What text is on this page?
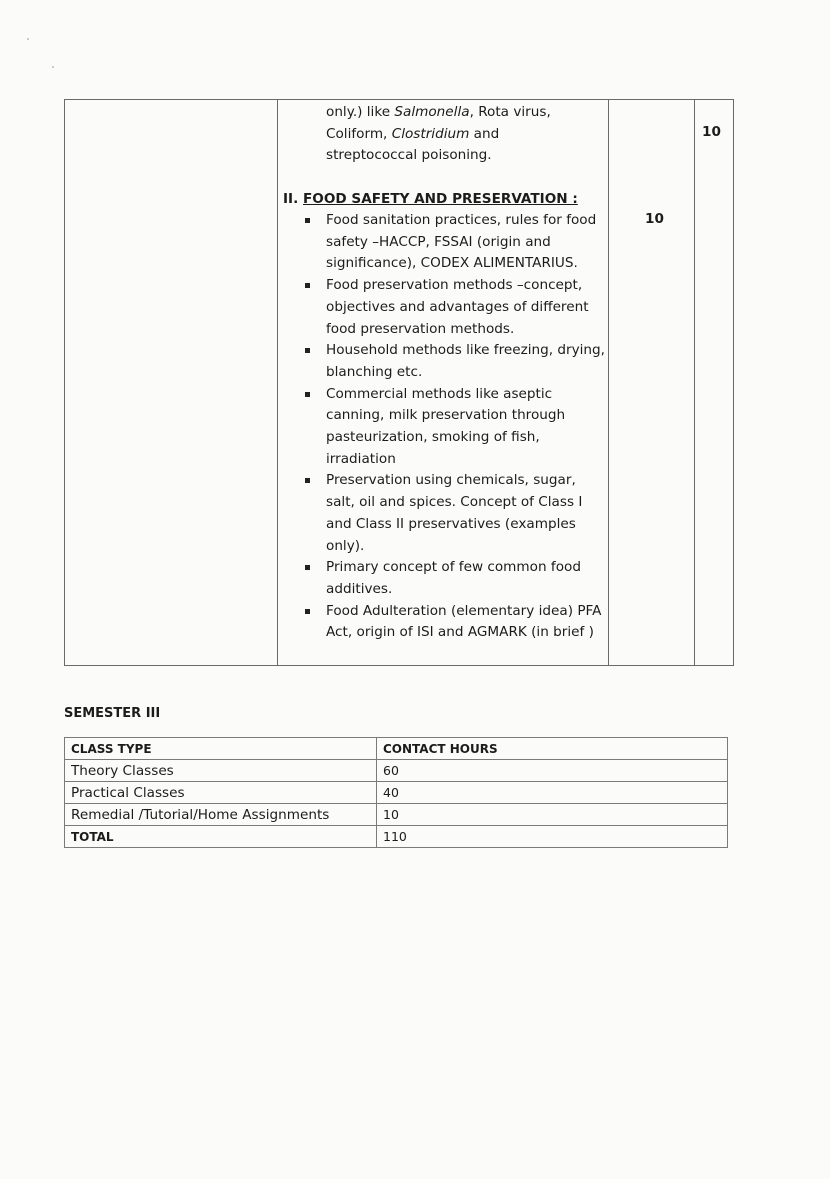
only.) like Salmonella, Rota virus,
Coliform, Clostridium and
streptococcal poisoning.
II. FOOD SAFETY AND PRESERVATION :
Food sanitation practices, rules for food safety –HACCP, FSSAI (origin and significance), CODEX ALIMENTARIUS.
Food preservation methods –concept, objectives and advantages of different food preservation methods.
Household methods like freezing, drying, blanching etc.
Commercial methods like aseptic canning, milk preservation through pasteurization, smoking of fish, irradiation
Preservation using chemicals, sugar, salt, oil and spices. Concept of Class I and Class II preservatives (examples only).
Primary concept of few common food additives.
Food Adulteration (elementary idea) PFA Act, origin of ISI and AGMARK (in brief )
10
10
SEMESTER III
CLASS TYPE	CONTACT HOURS
Theory Classes	60
Practical Classes	40
Remedial /Tutorial/Home Assignments	10
TOTAL	110
